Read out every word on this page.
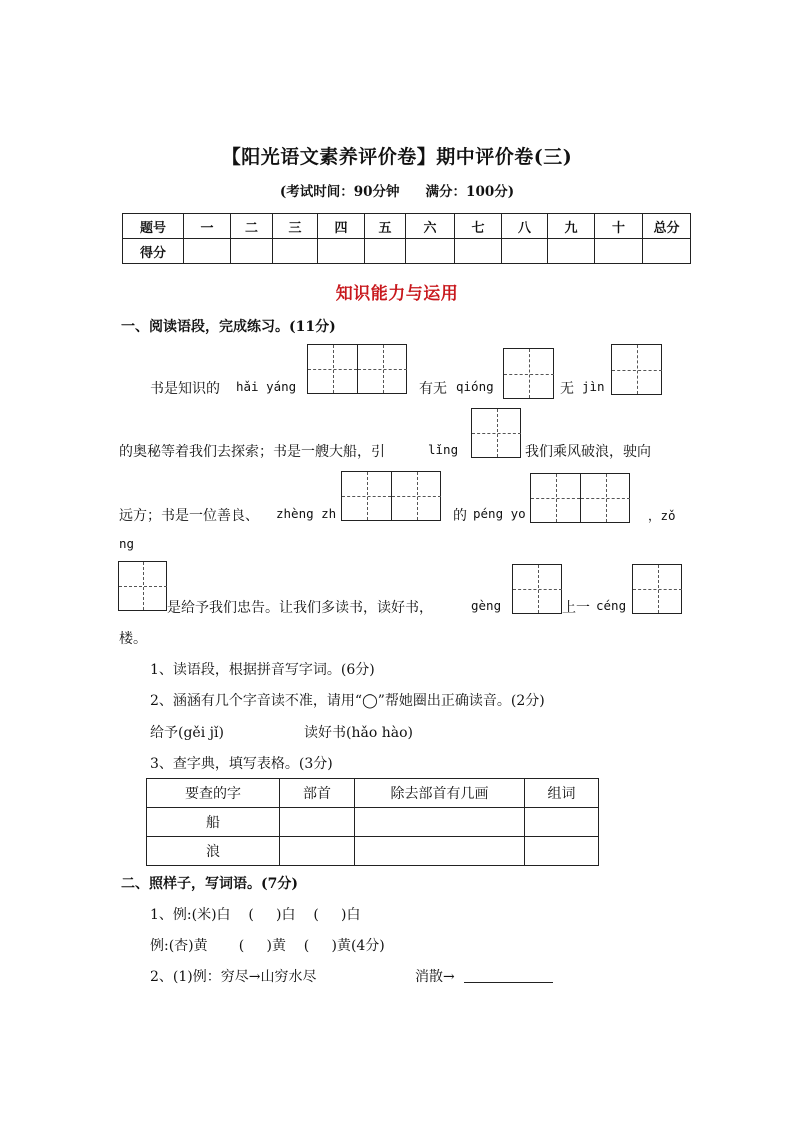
【阳光语文素养评价卷】期中评价卷(三)
(考试时间：90分钟 满分：100分)
题号	一	二	三	四	五	六	七	八	九	十	总分
得分											
知识能力与运用
一、阅读语段，完成练习。(11分)
书是知识的 hǎi yáng	有无 qióng	无 jìn
的奥秘等着我们去探索；书是一艘大船，引	lǐng	我们乘风破浪，驶向
远方；书是一位善良、 zhèng zh	的 péng yo	，zǒ
ng
是给予我们忠告。让我们多读书，读好书，	gèng	上一 céng
楼。
1、读语段，根据拼音写字词。(6分)
2、涵涵有几个字音读不准，请用“◯”帮她圈出正确读音。(2分)
给予(gěi jǐ)	读好书(hǎo hào)
3、查字典，填写表格。(3分)
要查的字	部首	除去部首有几画	组词
船			
浪			
二、照样子，写词语。(7分)
1、例:(米)白    (     )白    (     )白
例:(杏)黄       (     )黄    (     )黄(4分)
2、(1)例：穷尽→山穷水尽	消散→
